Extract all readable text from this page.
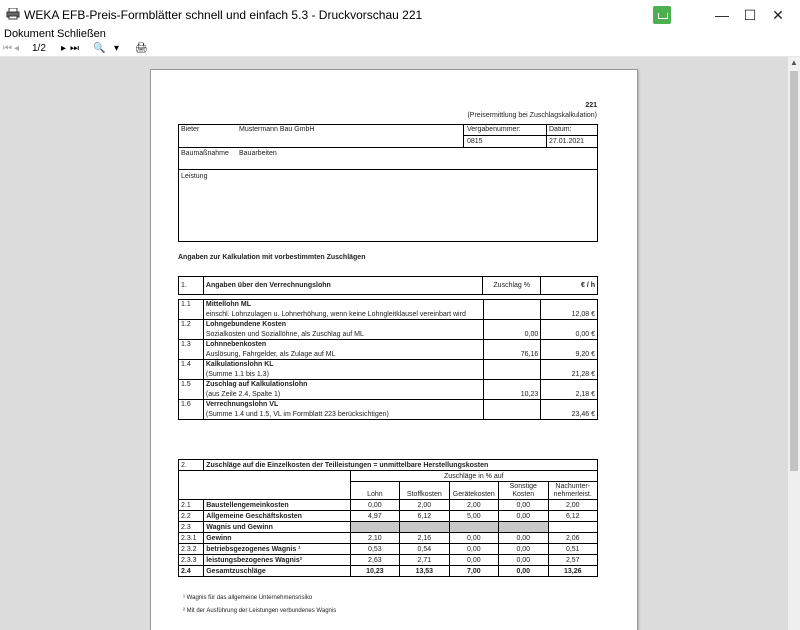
WEKA EFB-Preis-Formblätter schnell und einfach 5.3 - Druckvorschau 221	—	☐	✕
Dokument Schließen
⏮ ◂ 1/2 ▸ ⏭ 🔍 ▾ 🖨
221
(Preisermittlung bei Zuschlagskalkulation)
Bieter	Mustermann Bau GmbH	Vergabenummer:
0815
Datum:
27.01.2021
Baumaßnahme Bauarbeiten
Leistung
Angaben zur Kalkulation mit vorbestimmten Zuschlägen
1.	Angaben über den Verrechnungslohn	Zuschlag %	€ / h
1.1	Mittellohn ML
einschl. Lohnzulagen u. Lohnerhöhung, wenn keine Lohngleitklausel vereinbart wird		12,08 €
1.2	Lohngebundene Kosten
Sozialkosten und Soziallöhne, als Zuschlag auf ML	0,00	0,00 €
1.3	Lohnnebenkosten
Auslösung, Fahrgelder, als Zulage auf ML	76,16	9,20 €
1.4	Kalkulationslohn KL
(Summe 1.1 bis 1.3)		21,28 €
1.5	Zuschlag auf Kalkulationslohn
(aus Zeile 2.4, Spalte 1)	10,23	2,18 €
1.6	Verrechnungslohn VL
(Summe 1.4 und 1.5, VL im Formblatt 223 berücksichtigen)		23,46 €
2.	Zuschläge auf die Einzelkosten der Teilleistungen = unmittelbare Herstellungskosten					
		Zuschläge in % auf				
		Lohn	Stoffkosten	Gerätekosten	Sonstige Kosten	Nachunter-
nehmerleist.
2.1	Baustellengemeinkosten	0,00	2,00	2,00	0,00	2,00
2.2	Allgemeine Geschäftskosten	4,97	6,12	5,00	0,00	6,12
2.3	Wagnis und Gewinn					
2.3.1	Gewinn	2,10	2,16	0,00	0,00	2,06
2.3.2	betriebsgezogenes Wagnis ¹	0,53	0,54	0,00	0,00	0,51
2.3.3	leistungsbezogenes Wagnis²	2,63	2,71	0,00	0,00	2,57
2.4	Gesamtzuschläge	10,23	13,53	7,00	0,00	13,26
¹ Wagnis für das allgemeine Unternehmensrisiko
² Mit der Ausführung der Leistungen verbundenes Wagnis
▲
